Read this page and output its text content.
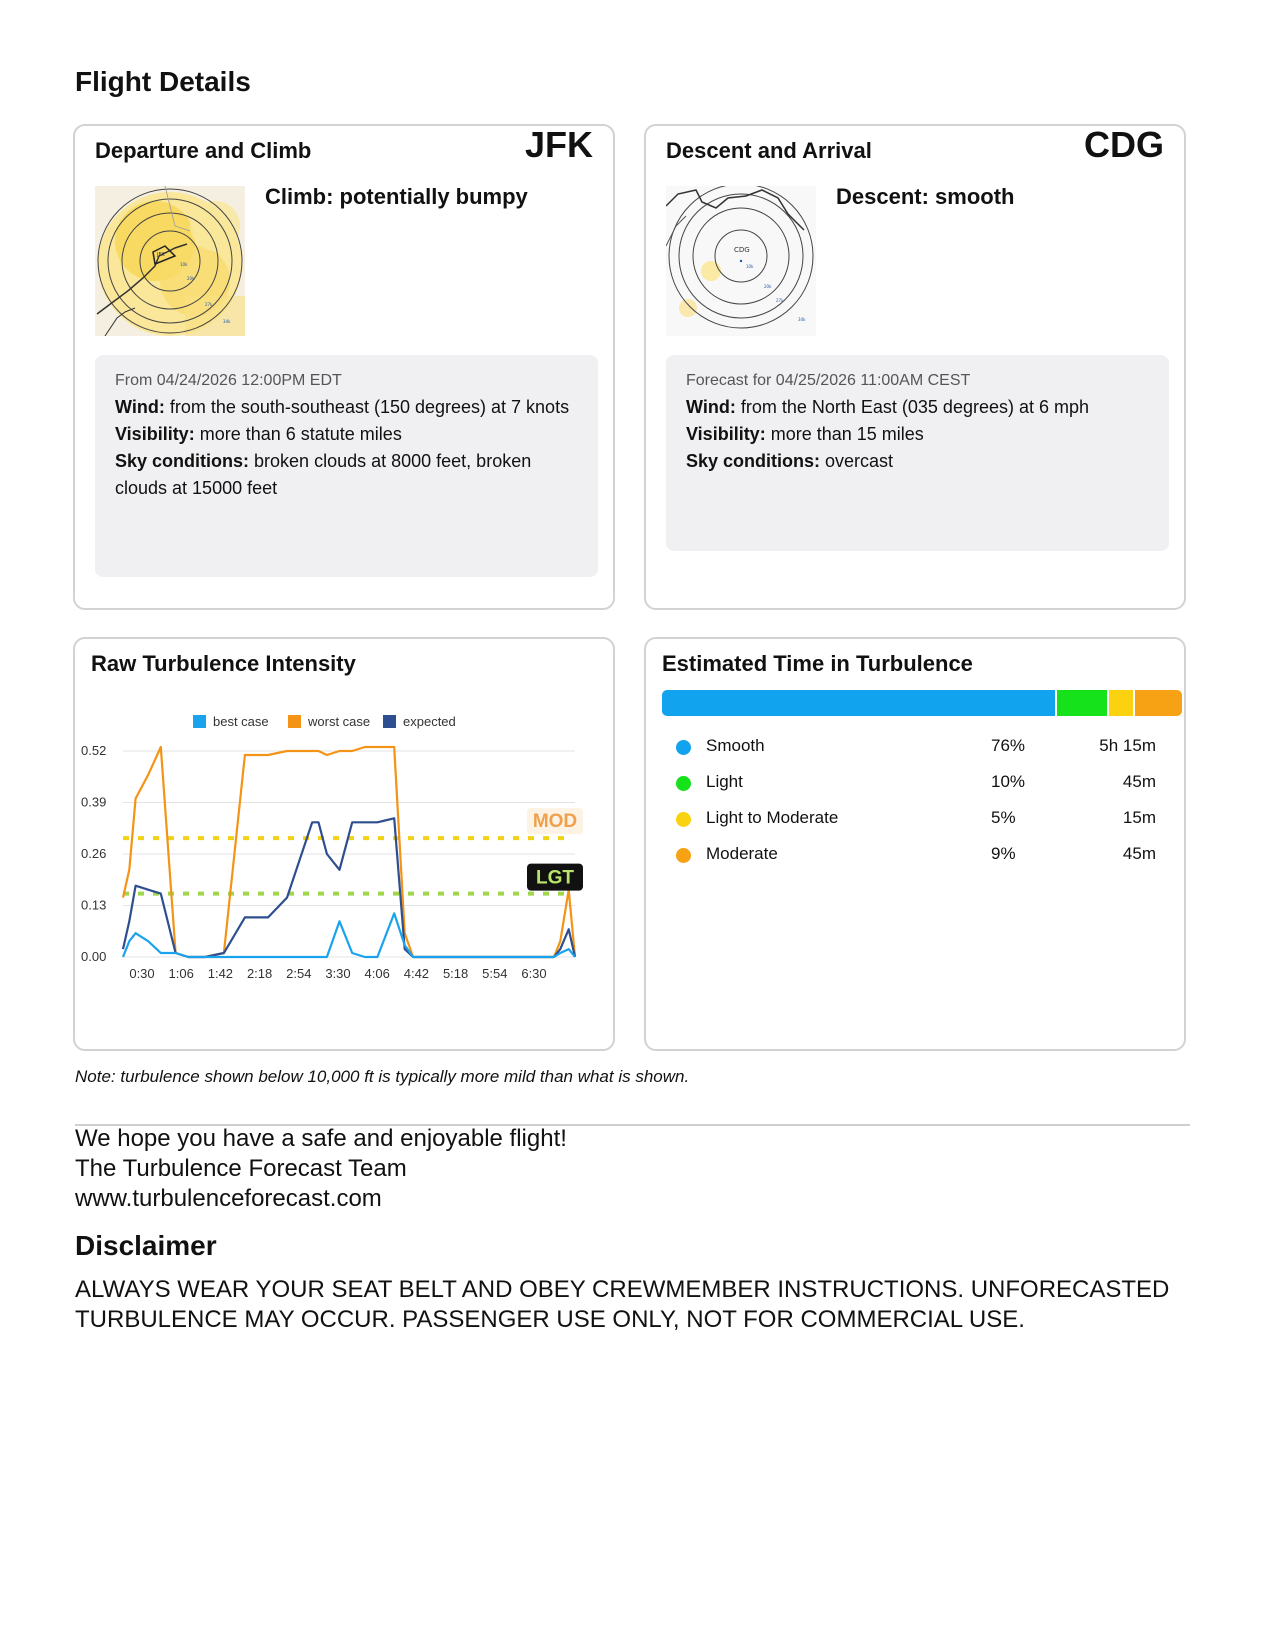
Flight Details
Departure and Climb	JFK
JFK
10k
20k
27k
34k
Climb: potentially bumpy
From 04/24/2026 12:00PM EDT
Wind: from the south-southeast (150 degrees) at 7 knots
Visibility: more than 6 statute miles
Sky conditions: broken clouds at 8000 feet, broken clouds at 15000 feet
Descent and Arrival	CDG
CDG
10k
20k
27k
34k
Descent: smooth
Forecast for 04/25/2026 11:00AM CEST
Wind: from the North East (035 degrees) at 6 mph
Visibility: more than 15 miles
Sky conditions: overcast
Raw Turbulence Intensity
best case	worst case	expected
0.52
0.39
0.26
0.13
0.00
0:30 1:06 1:42 2:18 2:54 3:30 4:06 4:42 5:18 5:54 6:30
MOD
LGT
Estimated Time in Turbulence
Smooth	76%	5h 15m
Light	10%	45m
Light to Moderate	5%	15m
Moderate	9%	45m
Note: turbulence shown below 10,000 ft is typically more mild than what is shown.
We hope you have a safe and enjoyable flight!
The Turbulence Forecast Team
www.turbulenceforecast.com
Disclaimer
ALWAYS WEAR YOUR SEAT BELT AND OBEY CREWMEMBER INSTRUCTIONS. UNFORECASTED TURBULENCE MAY OCCUR. PASSENGER USE ONLY, NOT FOR COMMERCIAL USE.
